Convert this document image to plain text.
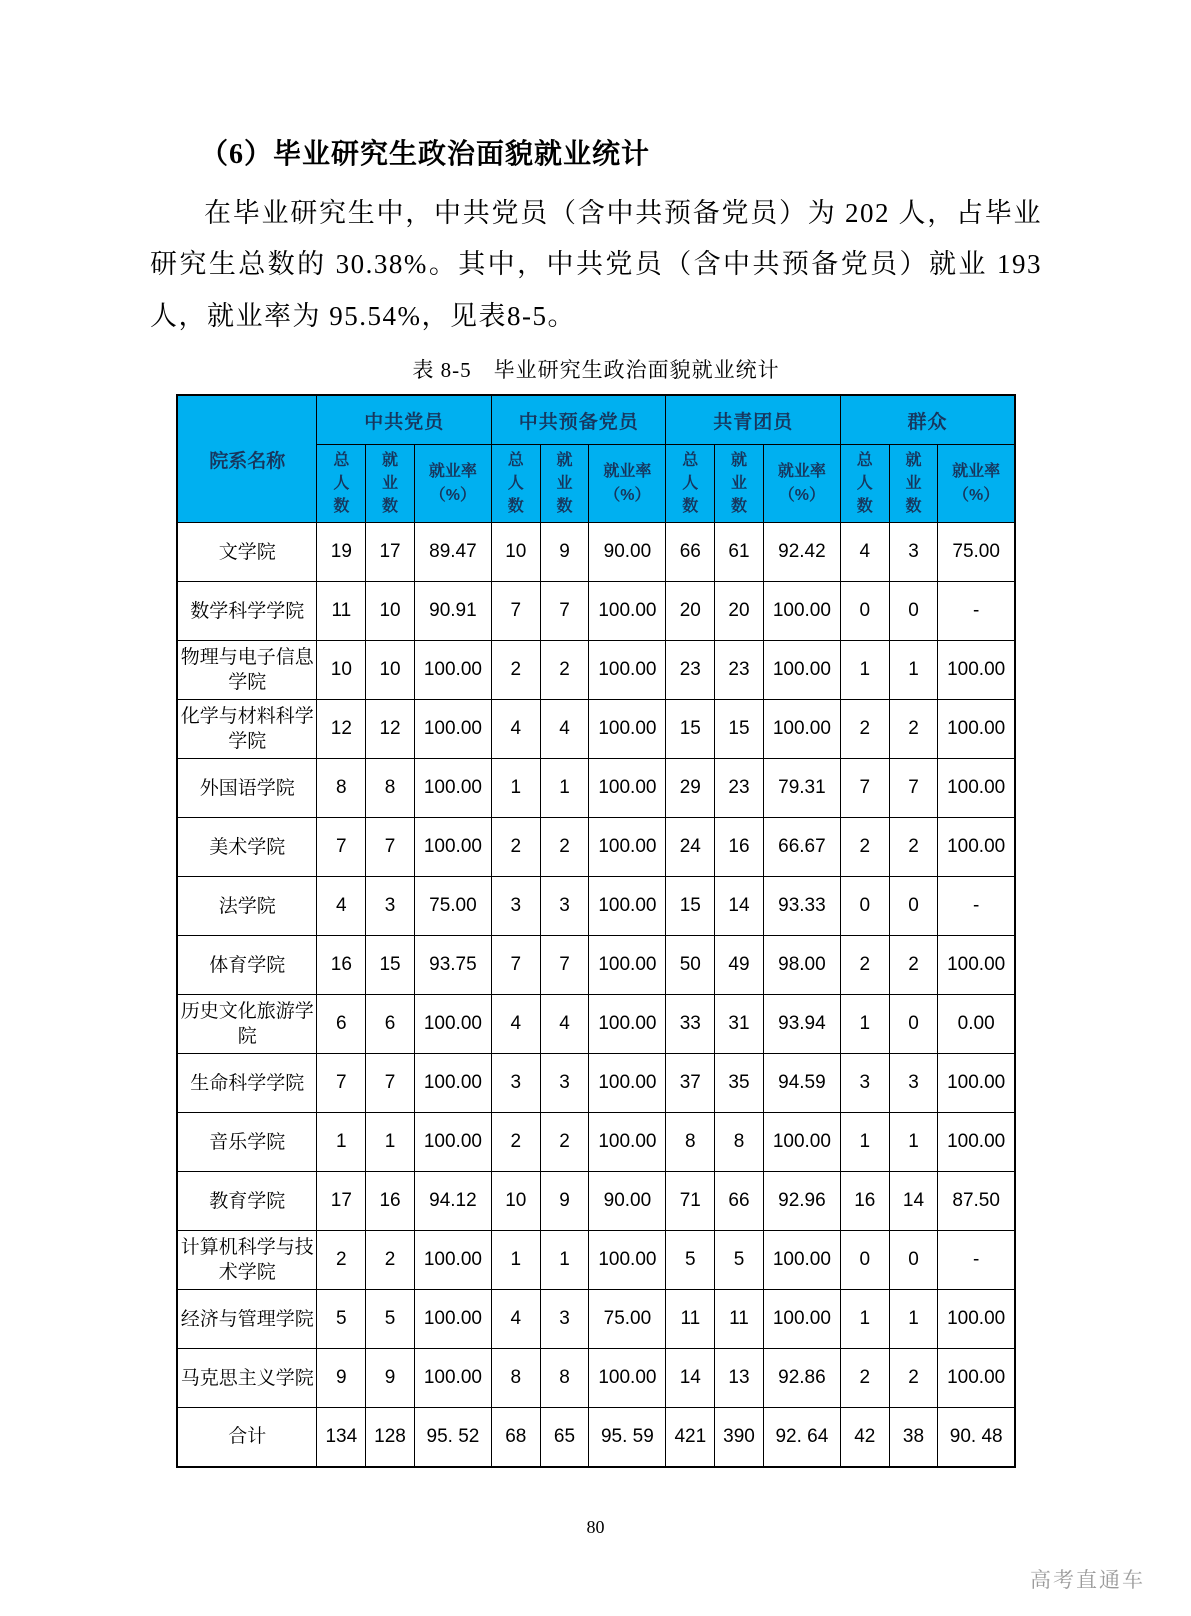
（6）毕业研究生政治面貌就业统计
在毕业研究生中，中共党员（含中共预备党员）为 202 人，占毕业研究生总数的 30.38%。其中，中共党员（含中共预备党员）就业 193 人，就业率为 95.54%，见表8-5。
表 8-5　毕业研究生政治面貌就业统计
院系名称	中共党员			中共预备党员			共青团员			群众		
	总人数	就业数	就业率（%）	总人数	就业数	就业率（%）	总人数	就业数	就业率（%）	总人数	就业数	就业率（%）
文学院	19	17	89.47	10	9	90.00	66	61	92.42	4	3	75.00
数学科学学院	11	10	90.91	7	7	100.00	20	20	100.00	0	0	-
物理与电子信息学院	10	10	100.00	2	2	100.00	23	23	100.00	1	1	100.00
化学与材料科学学院	12	12	100.00	4	4	100.00	15	15	100.00	2	2	100.00
外国语学院	8	8	100.00	1	1	100.00	29	23	79.31	7	7	100.00
美术学院	7	7	100.00	2	2	100.00	24	16	66.67	2	2	100.00
法学院	4	3	75.00	3	3	100.00	15	14	93.33	0	0	-
体育学院	16	15	93.75	7	7	100.00	50	49	98.00	2	2	100.00
历史文化旅游学院	6	6	100.00	4	4	100.00	33	31	93.94	1	0	0.00
生命科学学院	7	7	100.00	3	3	100.00	37	35	94.59	3	3	100.00
音乐学院	1	1	100.00	2	2	100.00	8	8	100.00	1	1	100.00
教育学院	17	16	94.12	10	9	90.00	71	66	92.96	16	14	87.50
计算机科学与技术学院	2	2	100.00	1	1	100.00	5	5	100.00	0	0	-
经济与管理学院	5	5	100.00	4	3	75.00	11	11	100.00	1	1	100.00
马克思主义学院	9	9	100.00	8	8	100.00	14	13	92.86	2	2	100.00
合计	134	128	95. 52	68	65	95. 59	421	390	92. 64	42	38	90. 48
80
高考直通车
